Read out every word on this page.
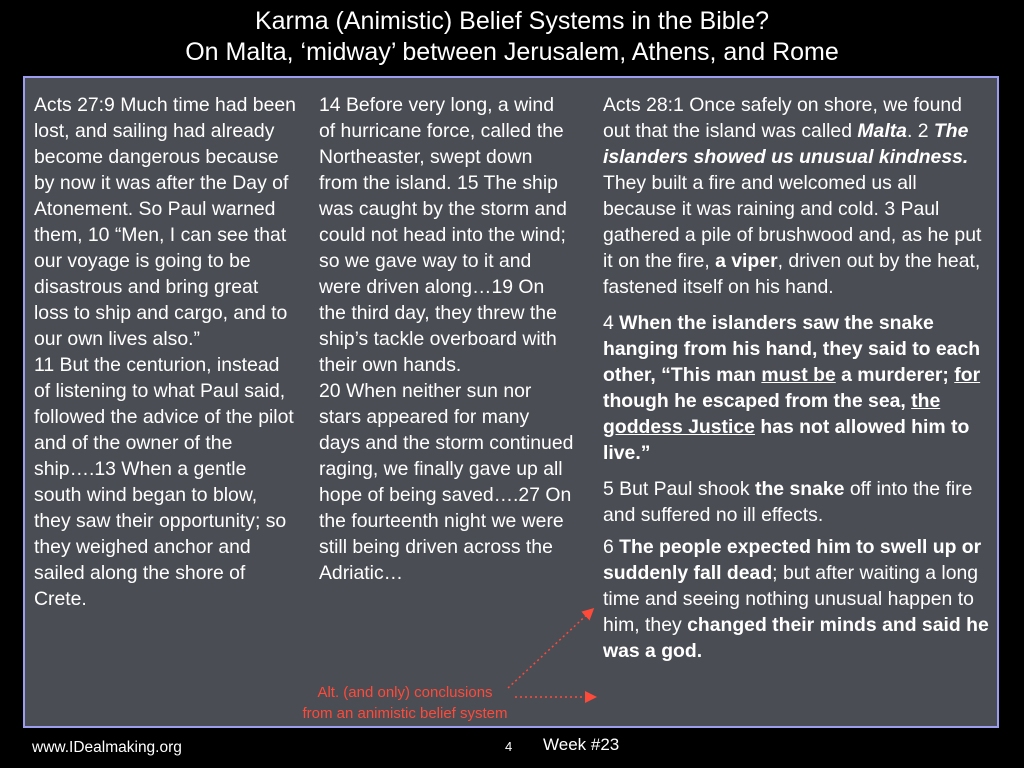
Karma (Animistic) Belief Systems in the Bible?
On Malta, ‘midway’ between Jerusalem, Athens, and Rome

Acts 27:9 Much time had been lost, and sailing had already become dangerous because by now it was after the Day of Atonement. So Paul warned them, 10 “Men, I can see that our voyage is going to be disastrous and bring great loss to ship and cargo, and to our own lives also.”

11 But the centurion, instead of listening to what Paul said, followed the advice of the pilot and of the owner of the ship….13 When a gentle south wind began to blow, they saw their opportunity; so they weighed anchor and sailed along the shore of Crete.

14 Before very long, a wind of hurricane force, called the Northeaster, swept down from the island. 15 The ship was caught by the storm and could not head into the wind; so we gave way to it and were driven along…19 On the third day, they threw the ship’s tackle overboard with their own hands.

20 When neither sun nor stars appeared for many days and the storm continued raging, we finally gave up all hope of being saved….27 On the fourteenth night we were still being driven across the Adriatic…

Acts 28:1 Once safely on shore, we found out that the island was called Malta. 2 The islanders showed us unusual kindness. They built a fire and welcomed us all because it was raining and cold. 3 Paul gathered a pile of brushwood and, as he put it on the fire, a viper, driven out by the heat, fastened itself on his hand.

4 When the islanders saw the snake hanging from his hand, they said to each other, “This man must be a murderer; for though he escaped from the sea, the goddess Justice has not allowed him to live.”

5 But Paul shook the snake off into the fire and suffered no ill effects.

6 The people expected him to swell up or suddenly fall dead; but after waiting a long time and seeing nothing unusual happen to him, they changed their minds and said he was a god.

Alt. (and only) conclusions
from an animistic belief system
www.IDealmaking.org	4 Week #23
